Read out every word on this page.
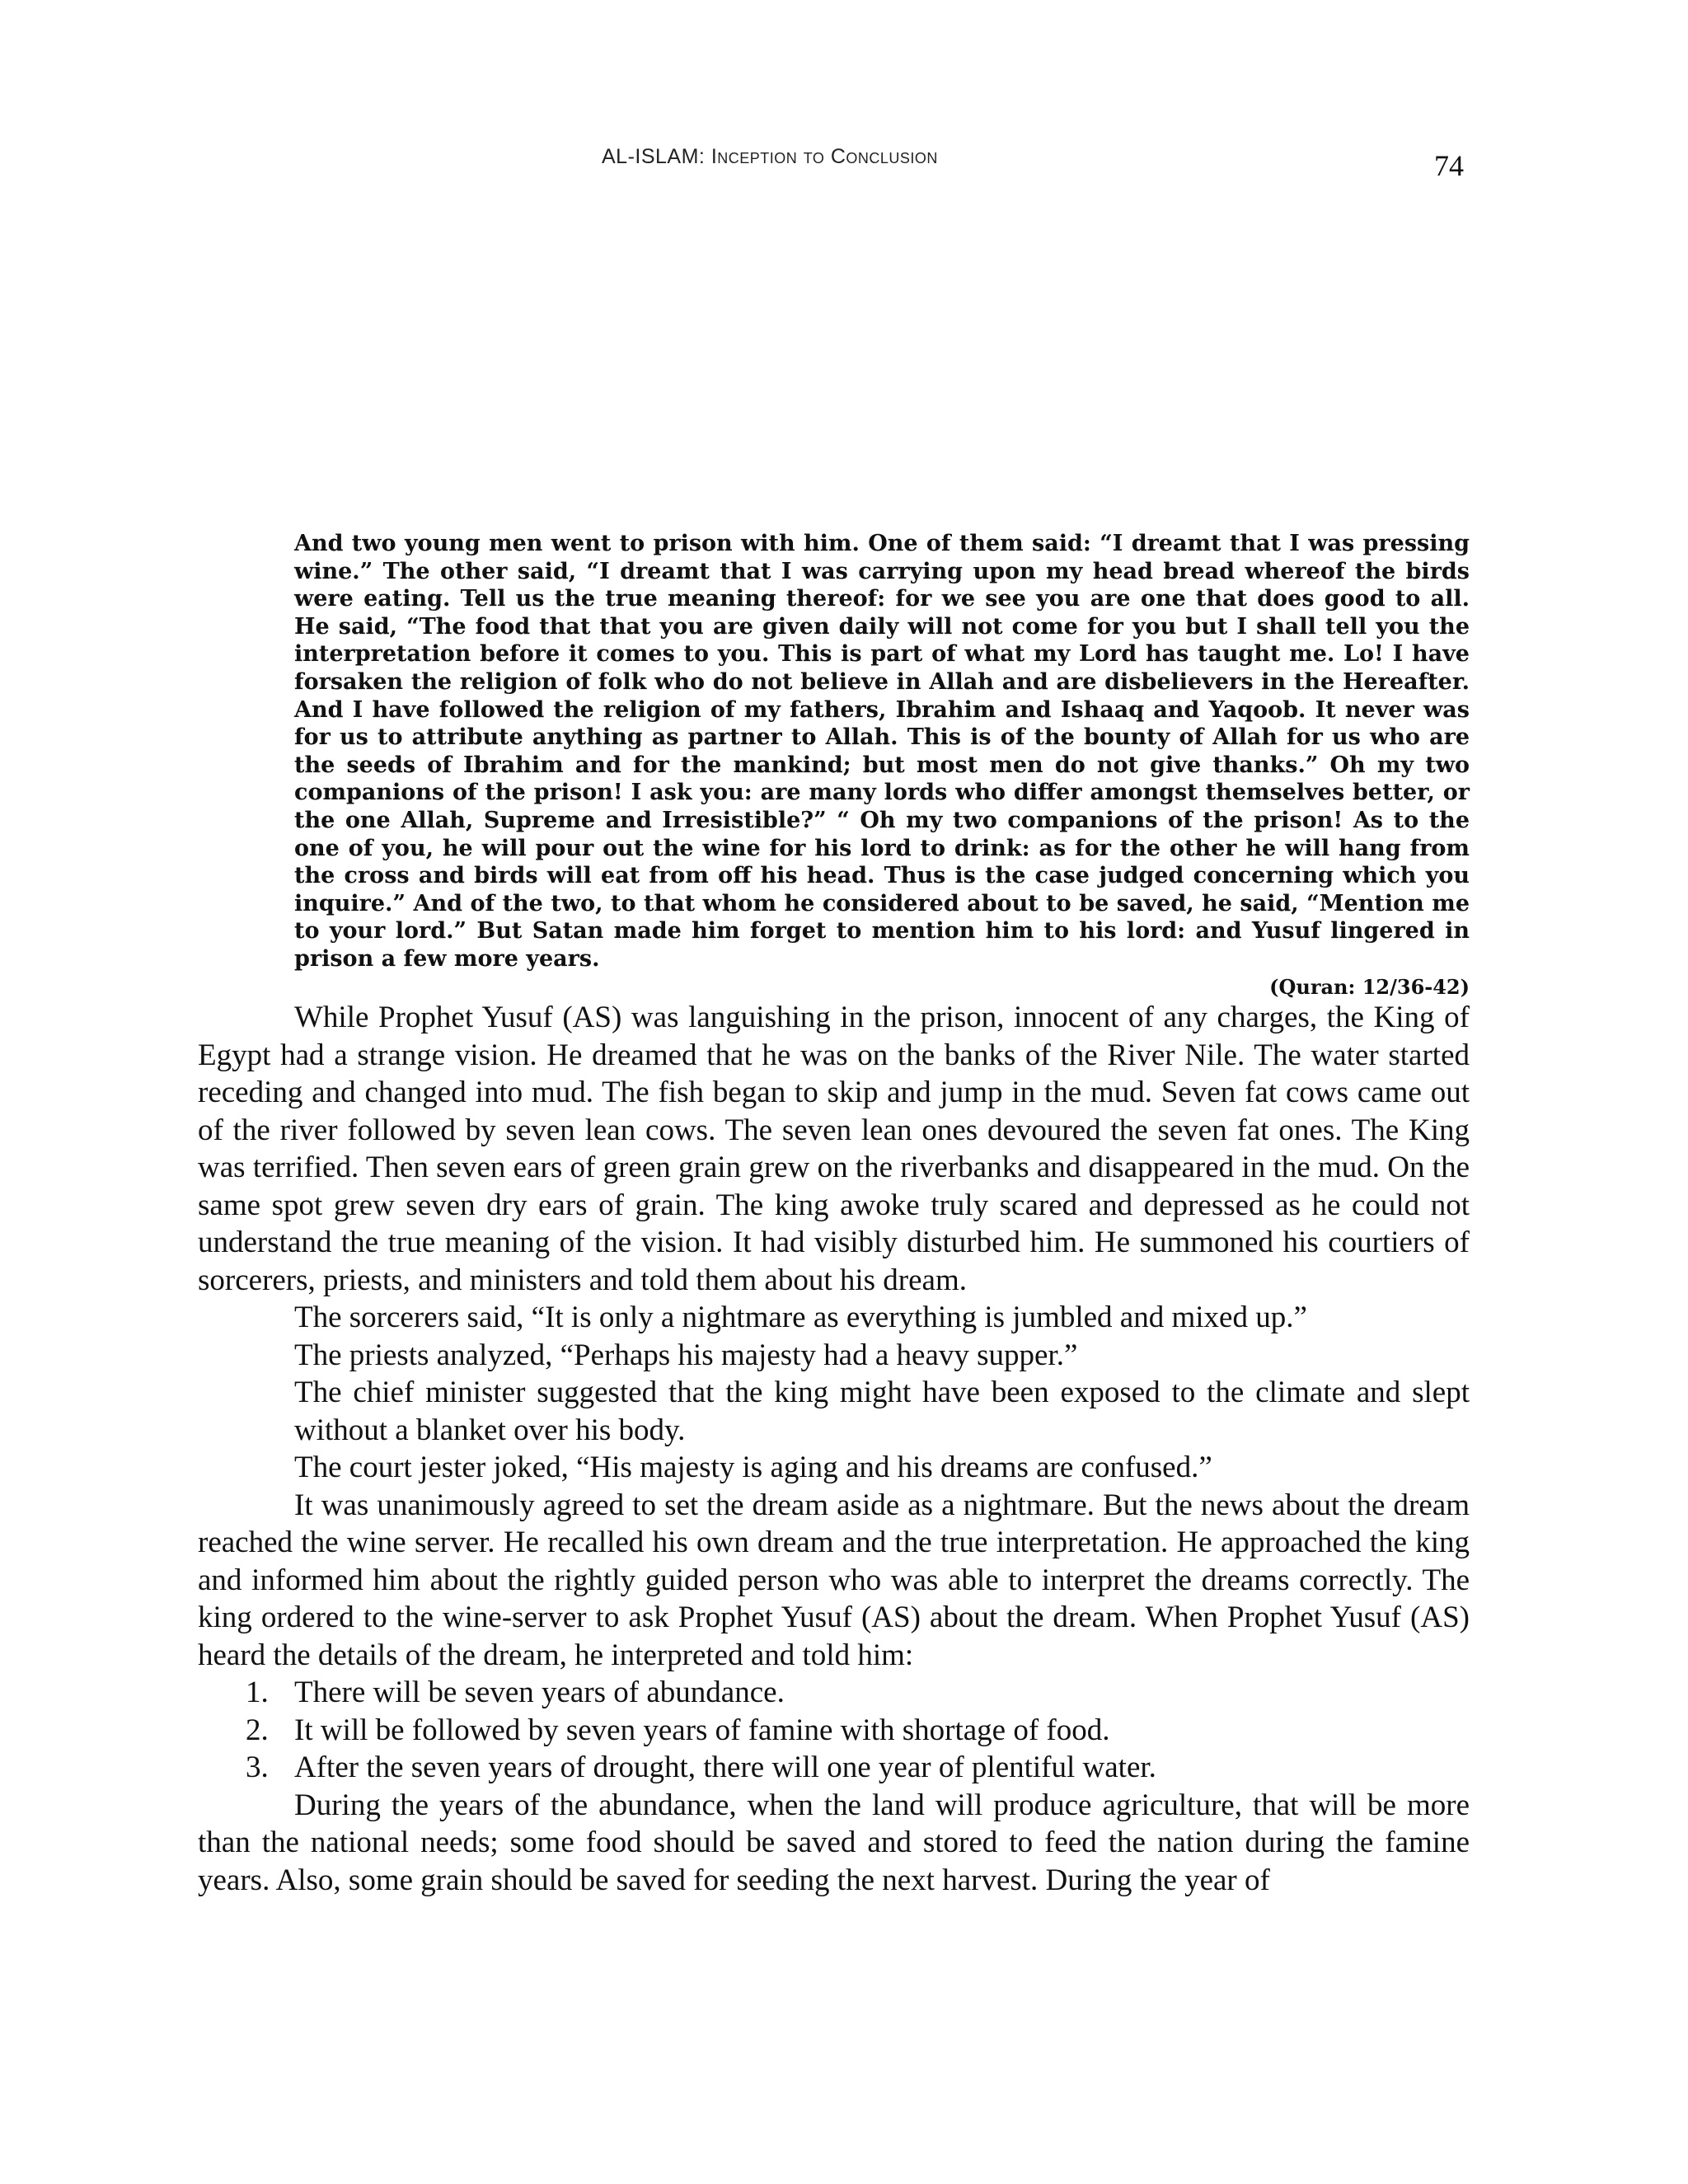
AL-ISLAM: Inception to Conclusion	74

And two young men went to prison with him. One of them said: “I dreamt that I was pressing wine.” The other said, “I dreamt that I was carrying upon my head bread whereof the birds were eating. Tell us the true meaning thereof: for we see you are one that does good to all. He said, “The food that that you are given daily will not come for you but I shall tell you the interpretation before it comes to you. This is part of what my Lord has taught me. Lo! I have forsaken the religion of folk who do not believe in Allah and are disbelievers in the Hereafter. And I have followed the religion of my fathers, Ibrahim and Ishaaq and Yaqoob. It never was for us to attribute anything as partner to Allah. This is of the bounty of Allah for us who are the seeds of Ibrahim and for the mankind; but most men do not give thanks.” Oh my two companions of the prison! I ask you: are many lords who differ amongst themselves better, or the one Allah, Supreme and Irresistible?” “ Oh my two companions of the prison! As to the one of you, he will pour out the wine for his lord to drink: as for the other he will hang from the cross and birds will eat from off his head. Thus is the case judged concerning which you inquire.” And of the two, to that whom he considered about to be saved, he said, “Mention me to your lord.” But Satan made him forget to mention him to his lord: and Yusuf lingered in prison a few more years.

(Quran: 12/36-42)

While Prophet Yusuf (AS) was languishing in the prison, innocent of any charges, the King of Egypt had a strange vision. He dreamed that he was on the banks of the River Nile. The water started receding and changed into mud. The fish began to skip and jump in the mud. Seven fat cows came out of the river followed by seven lean cows. The seven lean ones devoured the seven fat ones. The King was terrified. Then seven ears of green grain grew on the riverbanks and disappeared in the mud. On the same spot grew seven dry ears of grain. The king awoke truly scared and depressed as he could not understand the true meaning of the vision. It had visibly disturbed him. He summoned his courtiers of sorcerers, priests, and ministers and told them about his dream.

The sorcerers said, “It is only a nightmare as everything is jumbled and mixed up.”

The priests analyzed, “Perhaps his majesty had a heavy supper.”

The chief minister suggested that the king might have been exposed to the climate and slept without a blanket over his body.

The court jester joked, “His majesty is aging and his dreams are confused.”

It was unanimously agreed to set the dream aside as a nightmare. But the news about the dream reached the wine server. He recalled his own dream and the true interpretation. He approached the king and informed him about the rightly guided person who was able to interpret the dreams correctly. The king ordered to the wine-server to ask Prophet Yusuf (AS) about the dream. When Prophet Yusuf (AS) heard the details of the dream, he interpreted and told him:

1. There will be seven years of abundance.
2. It will be followed by seven years of famine with shortage of food.
3. After the seven years of drought, there will one year of plentiful water.

During the years of the abundance, when the land will produce agriculture, that will be more than the national needs; some food should be saved and stored to feed the nation during the famine years. Also, some grain should be saved for seeding the next harvest. During the year of
